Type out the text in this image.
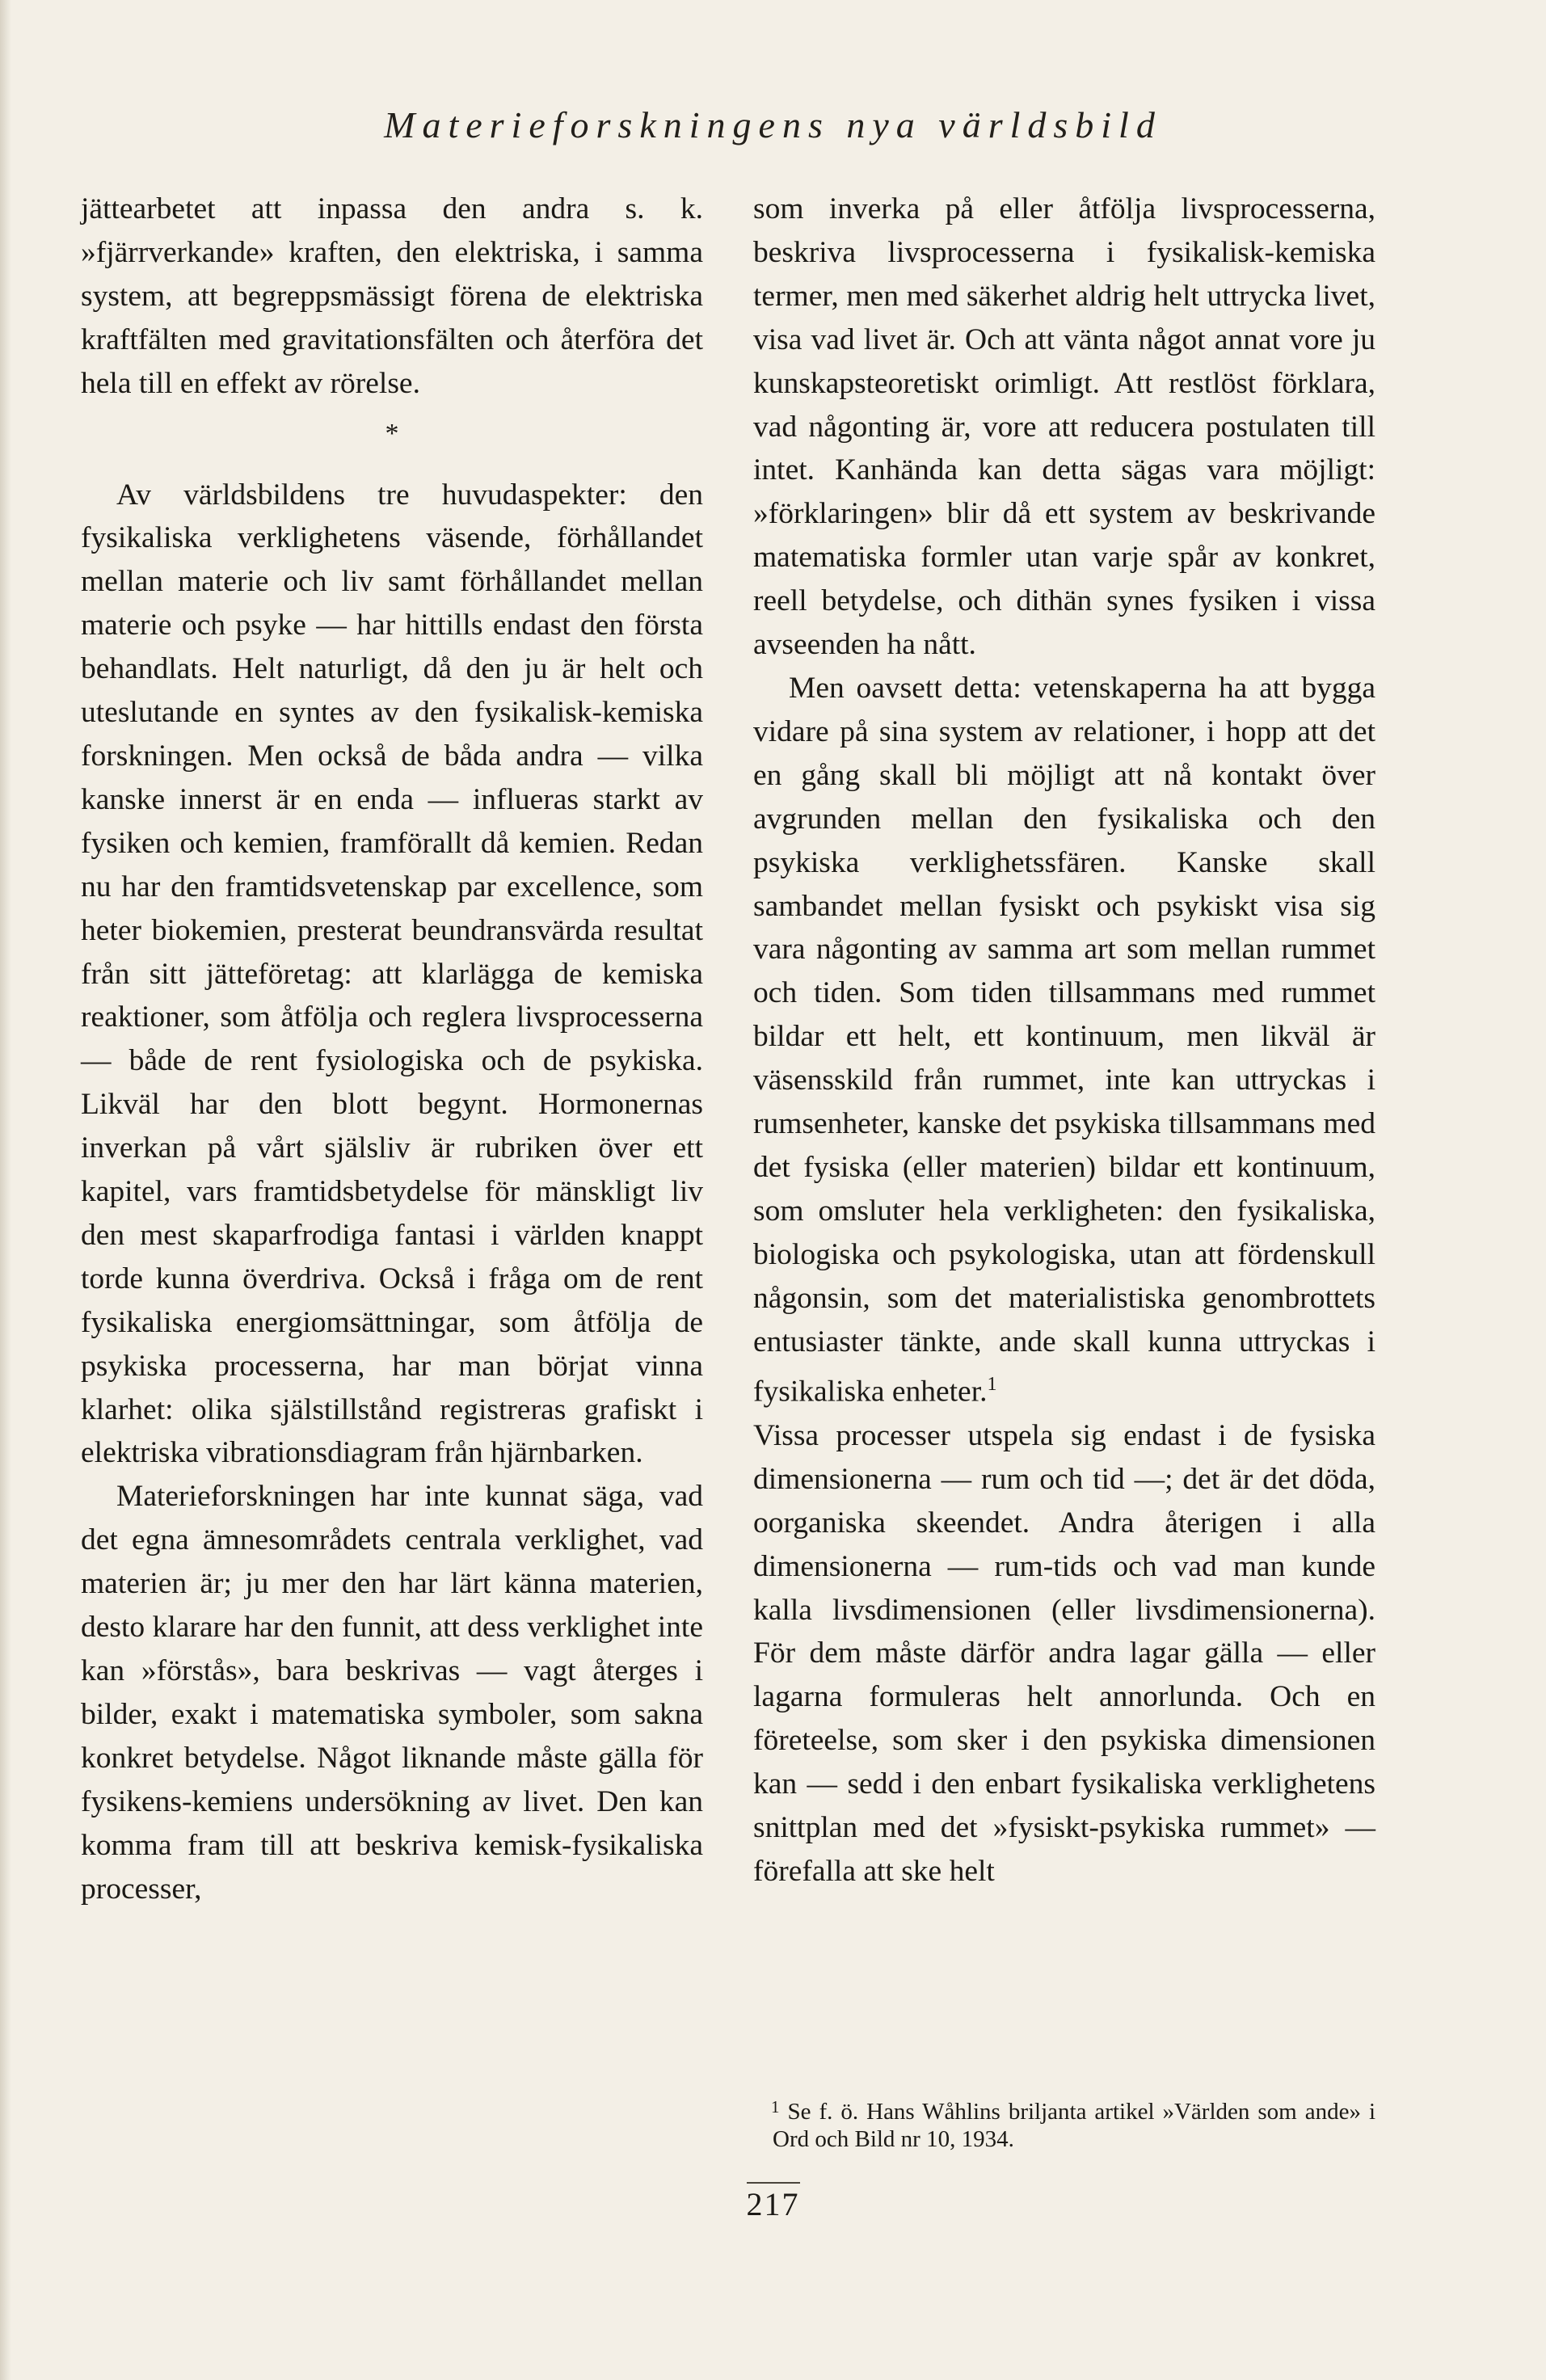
Materieforskningens nya världsbild

jättearbetet att inpassa den andra s. k. »fjärrverkande» kraften, den elektriska, i samma system, att begreppsmässigt förena de elektriska kraftfälten med gravitationsfälten och återföra det hela till en effekt av rörelse.

*

Av världsbildens tre huvudaspekter: den fysikaliska verklighetens väsende, förhållandet mellan materie och liv samt förhållandet mellan materie och psyke — har hittills endast den första behandlats. Helt naturligt, då den ju är helt och uteslutande en syntes av den fysikalisk-kemiska forskningen. Men också de båda andra — vilka kanske innerst är en enda — influeras starkt av fysiken och kemien, framförallt då kemien. Redan nu har den framtidsvetenskap par excellence, som heter biokemien, presterat beundransvärda resultat från sitt jätteföretag: att klarlägga de kemiska reaktioner, som åtfölja och reglera livsprocesserna — både de rent fysiologiska och de psykiska. Likväl har den blott begynt. Hormonernas inverkan på vårt själsliv är rubriken över ett kapitel, vars framtidsbetydelse för mänskligt liv den mest skaparfrodiga fantasi i världen knappt torde kunna överdriva. Också i fråga om de rent fysikaliska energiomsättningar, som åtfölja de psykiska processerna, har man börjat vinna klarhet: olika själstillstånd registreras grafiskt i elektriska vibrationsdiagram från hjärnbarken.

Materieforskningen har inte kunnat säga, vad det egna ämnesområdets centrala verklighet, vad materien är; ju mer den har lärt känna materien, desto klarare har den funnit, att dess verklighet inte kan »förstås», bara beskrivas — vagt återges i bilder, exakt i matematiska symboler, som sakna konkret betydelse. Något liknande måste gälla för fysikens-kemiens undersökning av livet. Den kan komma fram till att beskriva kemisk-fysikaliska processer,

som inverka på eller åtfölja livsprocesserna, beskriva livsprocesserna i fysikalisk-kemiska termer, men med säkerhet aldrig helt uttrycka livet, visa vad livet är. Och att vänta något annat vore ju kunskapsteoretiskt orimligt. Att restlöst förklara, vad någonting är, vore att reducera postulaten till intet. Kanhända kan detta sägas vara möjligt: »förklaringen» blir då ett system av beskrivande matematiska formler utan varje spår av konkret, reell betydelse, och dithän synes fysiken i vissa avseenden ha nått.

Men oavsett detta: vetenskaperna ha att bygga vidare på sina system av relationer, i hopp att det en gång skall bli möjligt att nå kontakt över avgrunden mellan den fysikaliska och den psykiska verklighetssfären. Kanske skall sambandet mellan fysiskt och psykiskt visa sig vara någonting av samma art som mellan rummet och tiden. Som tiden tillsammans med rummet bildar ett helt, ett kontinuum, men likväl är väsensskild från rummet, inte kan uttryckas i rumsenheter, kanske det psykiska tillsammans med det fysiska (eller materien) bildar ett kontinuum, som omsluter hela verkligheten: den fysikaliska, biologiska och psykologiska, utan att fördenskull någonsin, som det materialistiska genombrottets entusiaster tänkte, ande skall kunna uttryckas i fysikaliska enheter.$^1$

Vissa processer utspela sig endast i de fysiska dimensionerna — rum och tid —; det är det döda, oorganiska skeendet. Andra återigen i alla dimensionerna — rum-tids och vad man kunde kalla livsdimensionen (eller livsdimensionerna). För dem måste därför andra lagar gälla — eller lagarna formuleras helt annorlunda. Och en företeelse, som sker i den psykiska dimensionen kan — sedd i den enbart fysikaliska verklighetens snittplan med det »fysiskt-psykiska rummet» — förefalla att ske helt

$^1$ Se f. ö. Hans Wåhlins briljanta artikel »Världen som ande» i Ord och Bild nr 10, 1934.
217
